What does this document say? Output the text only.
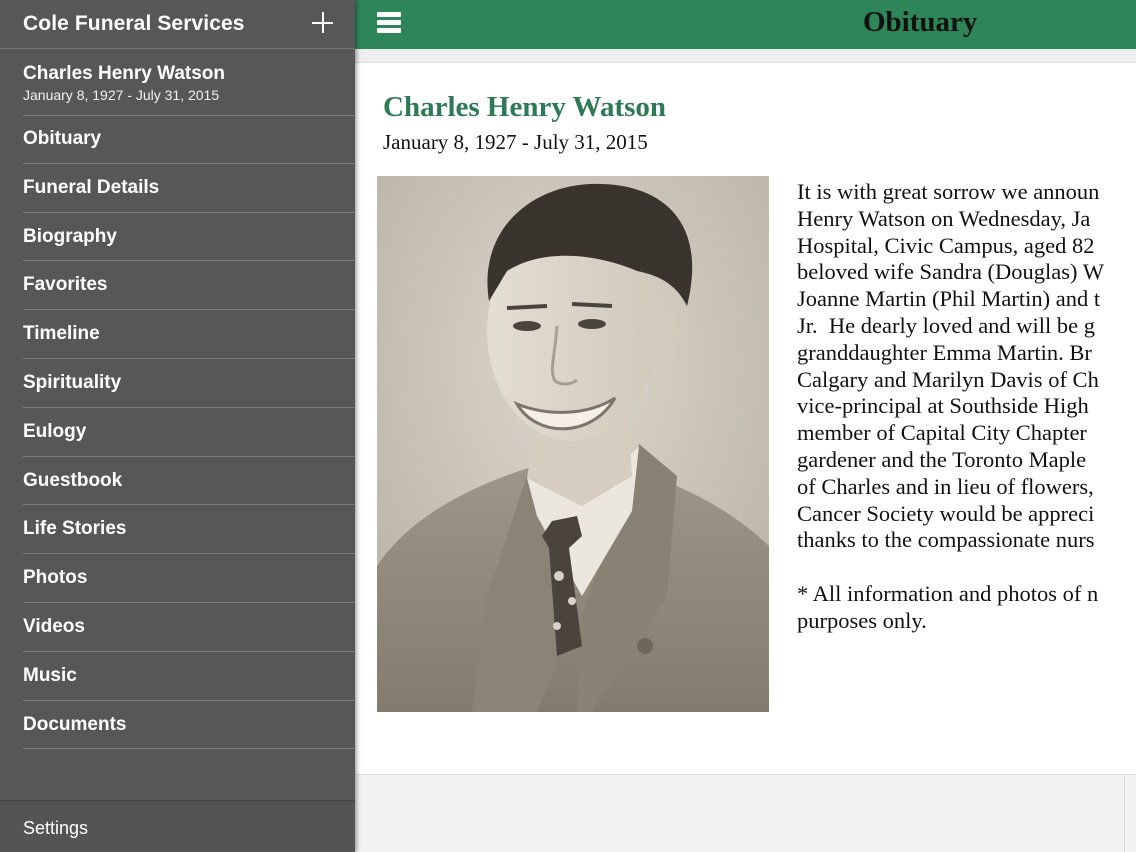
Cole Funeral Services
Charles Henry Watson
January 8, 1927 - July 31, 2015
Obituary
Funeral Details
Biography
Favorites
Timeline
Spirituality
Eulogy
Guestbook
Life Stories
Photos
Videos
Music
Documents
Settings
Obituary
Charles Henry Watson
January 8, 1927 - July 31, 2015
It is with great sorrow we announ
Henry Watson on Wednesday, Ja
Hospital, Civic Campus, aged 82
beloved wife Sandra (Douglas) W
Joanne Martin (Phil Martin) and t
Jr.  He dearly loved and will be g
granddaughter Emma Martin. Br
Calgary and Marilyn Davis of Ch
vice-principal at Southside High
member of Capital City Chapter
gardener and the Toronto Maple
of Charles and in lieu of flowers,
Cancer Society would be appreci
thanks to the compassionate nurs
* All information and photos of n
purposes only.
